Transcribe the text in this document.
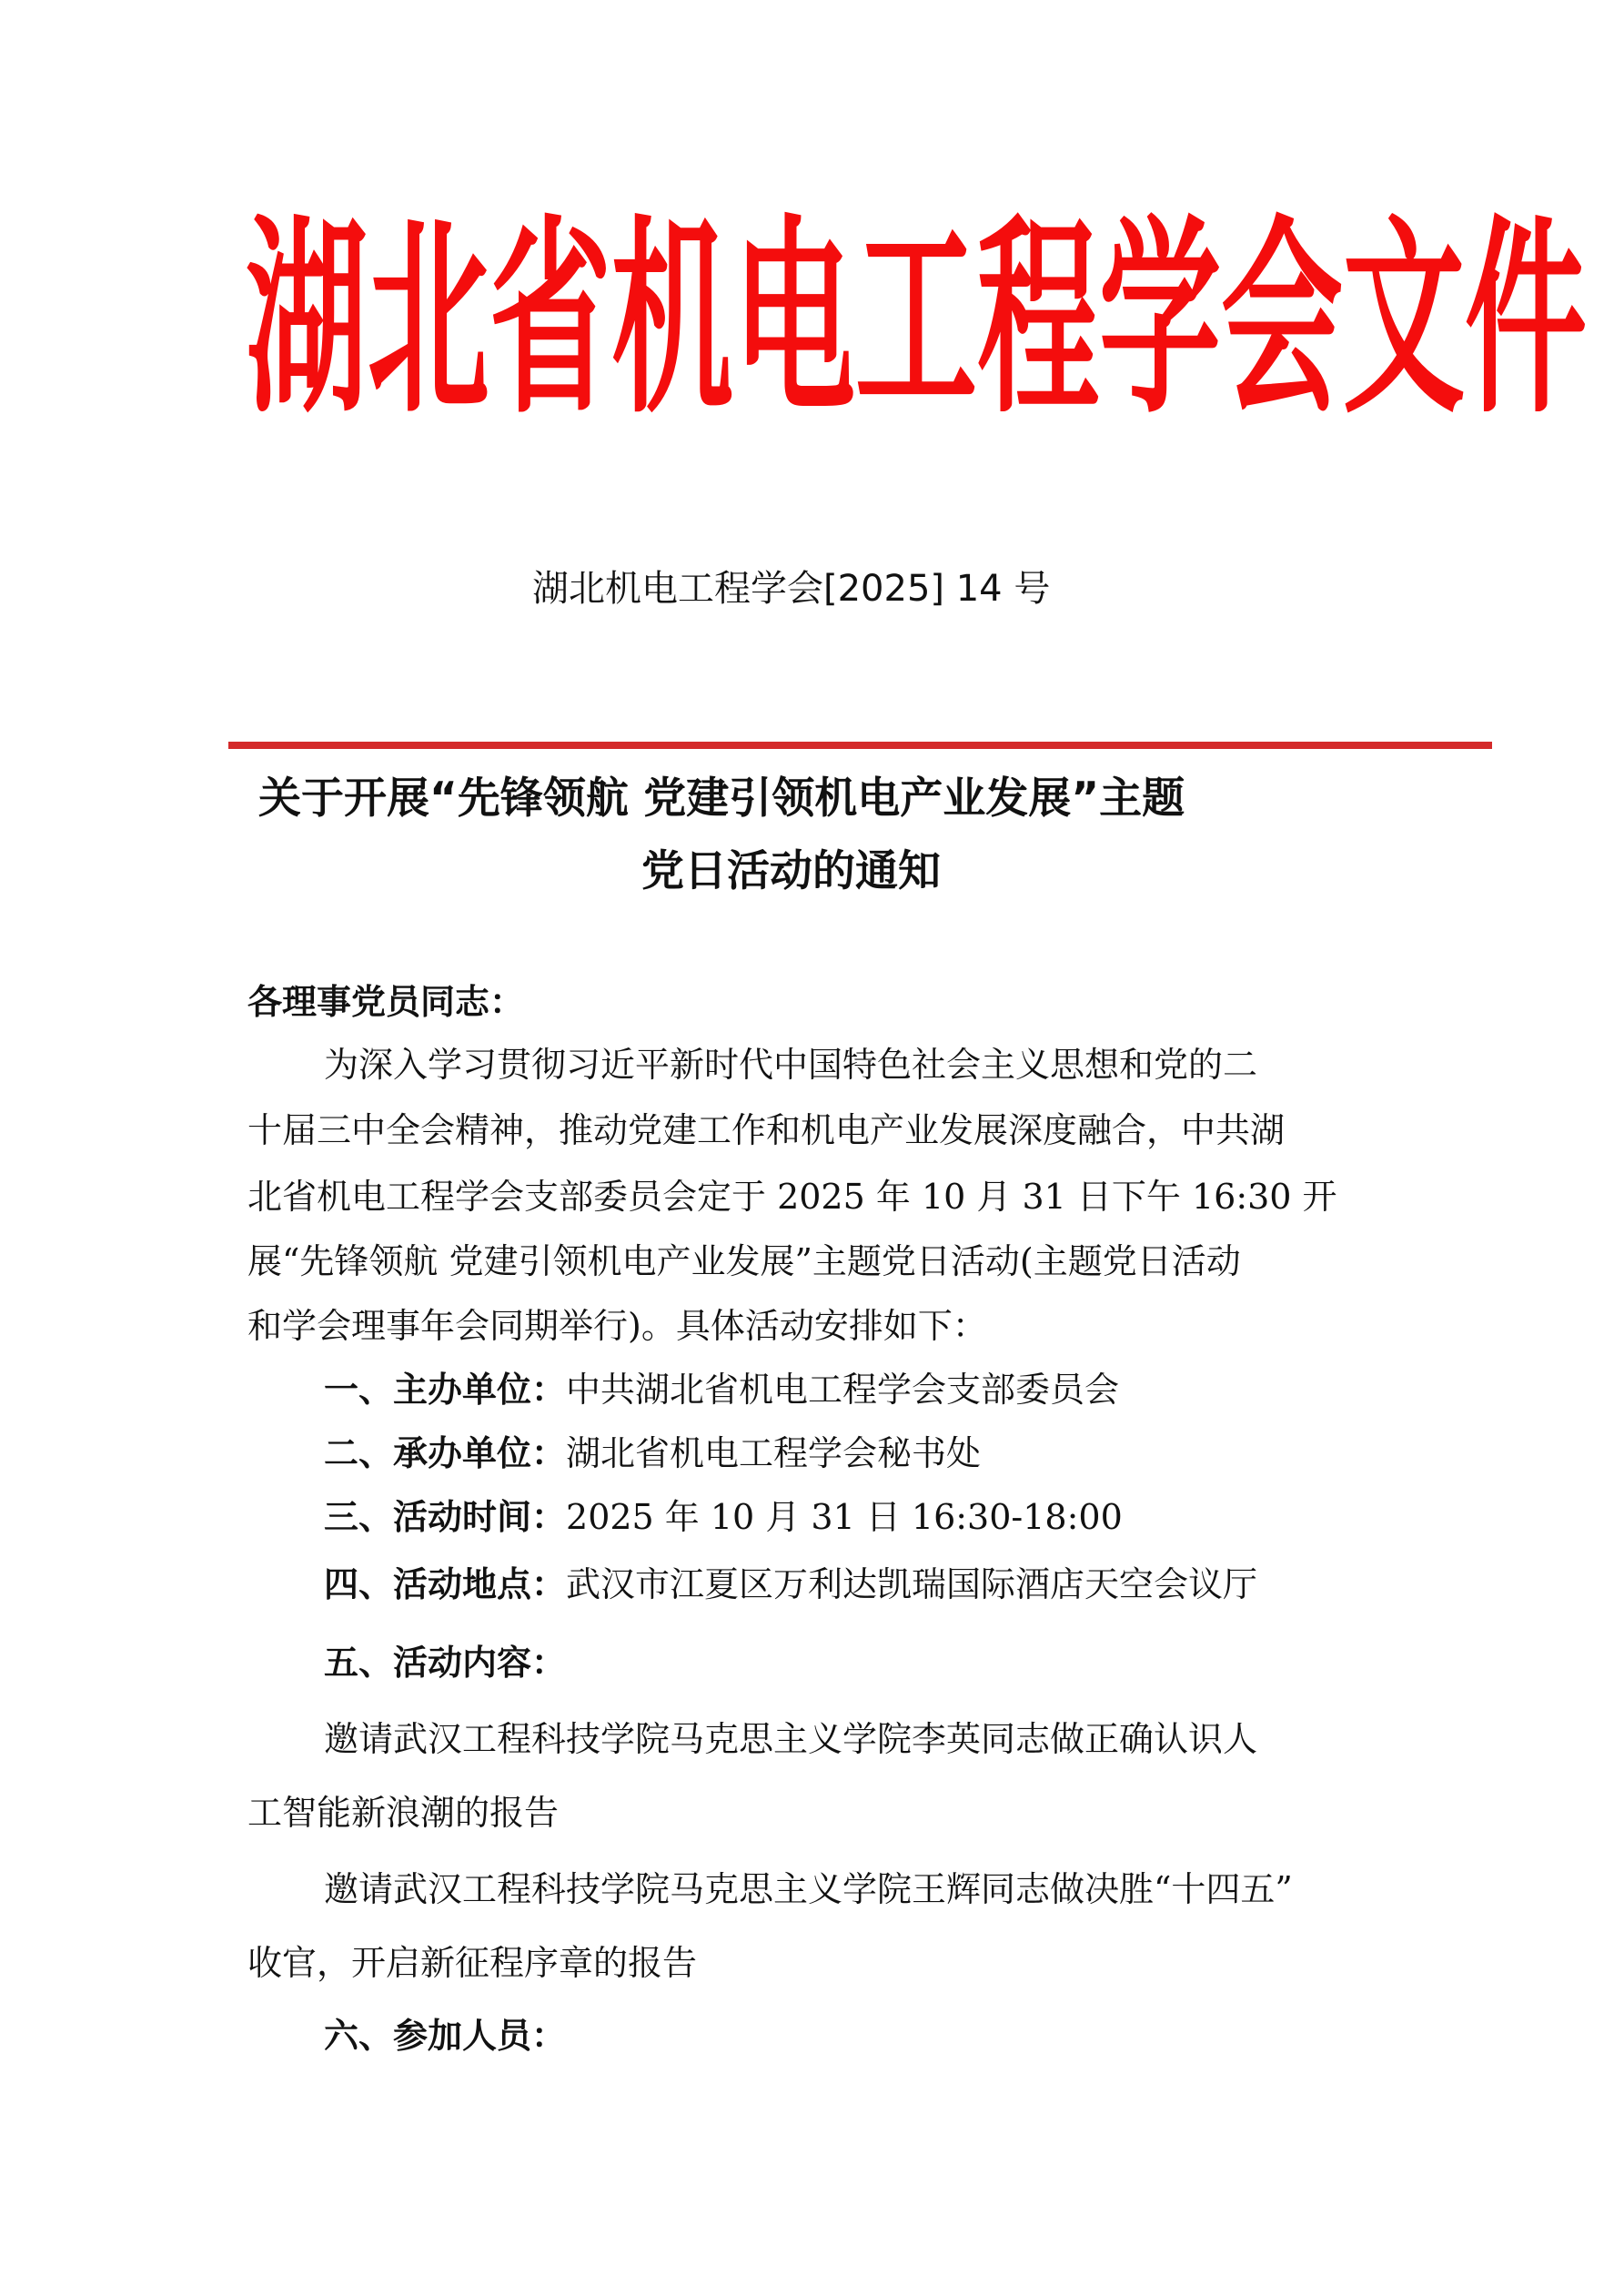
湖北省机电工程学会文件
湖北机电工程学会[2025] 14 号
关于开展“先锋领航 党建引领机电产业发展”主题
党日活动的通知
各理事党员同志：
为深入学习贯彻习近平新时代中国特色社会主义思想和党的二
十届三中全会精神，推动党建工作和机电产业发展深度融合，中共湖
北省机电工程学会支部委员会定于 2025 年 10 月 31 日下午 16:30 开
展“先锋领航 党建引领机电产业发展”主题党日活动(主题党日活动
和学会理事年会同期举行)。具体活动安排如下：
一、主办单位：中共湖北省机电工程学会支部委员会
二、承办单位：湖北省机电工程学会秘书处
三、活动时间：2025 年 10 月 31 日 16:30-18:00
四、活动地点：武汉市江夏区万利达凯瑞国际酒店天空会议厅
五、活动内容：
邀请武汉工程科技学院马克思主义学院李英同志做正确认识人
工智能新浪潮的报告
邀请武汉工程科技学院马克思主义学院王辉同志做决胜“十四五”
收官，开启新征程序章的报告
六、参加人员：
